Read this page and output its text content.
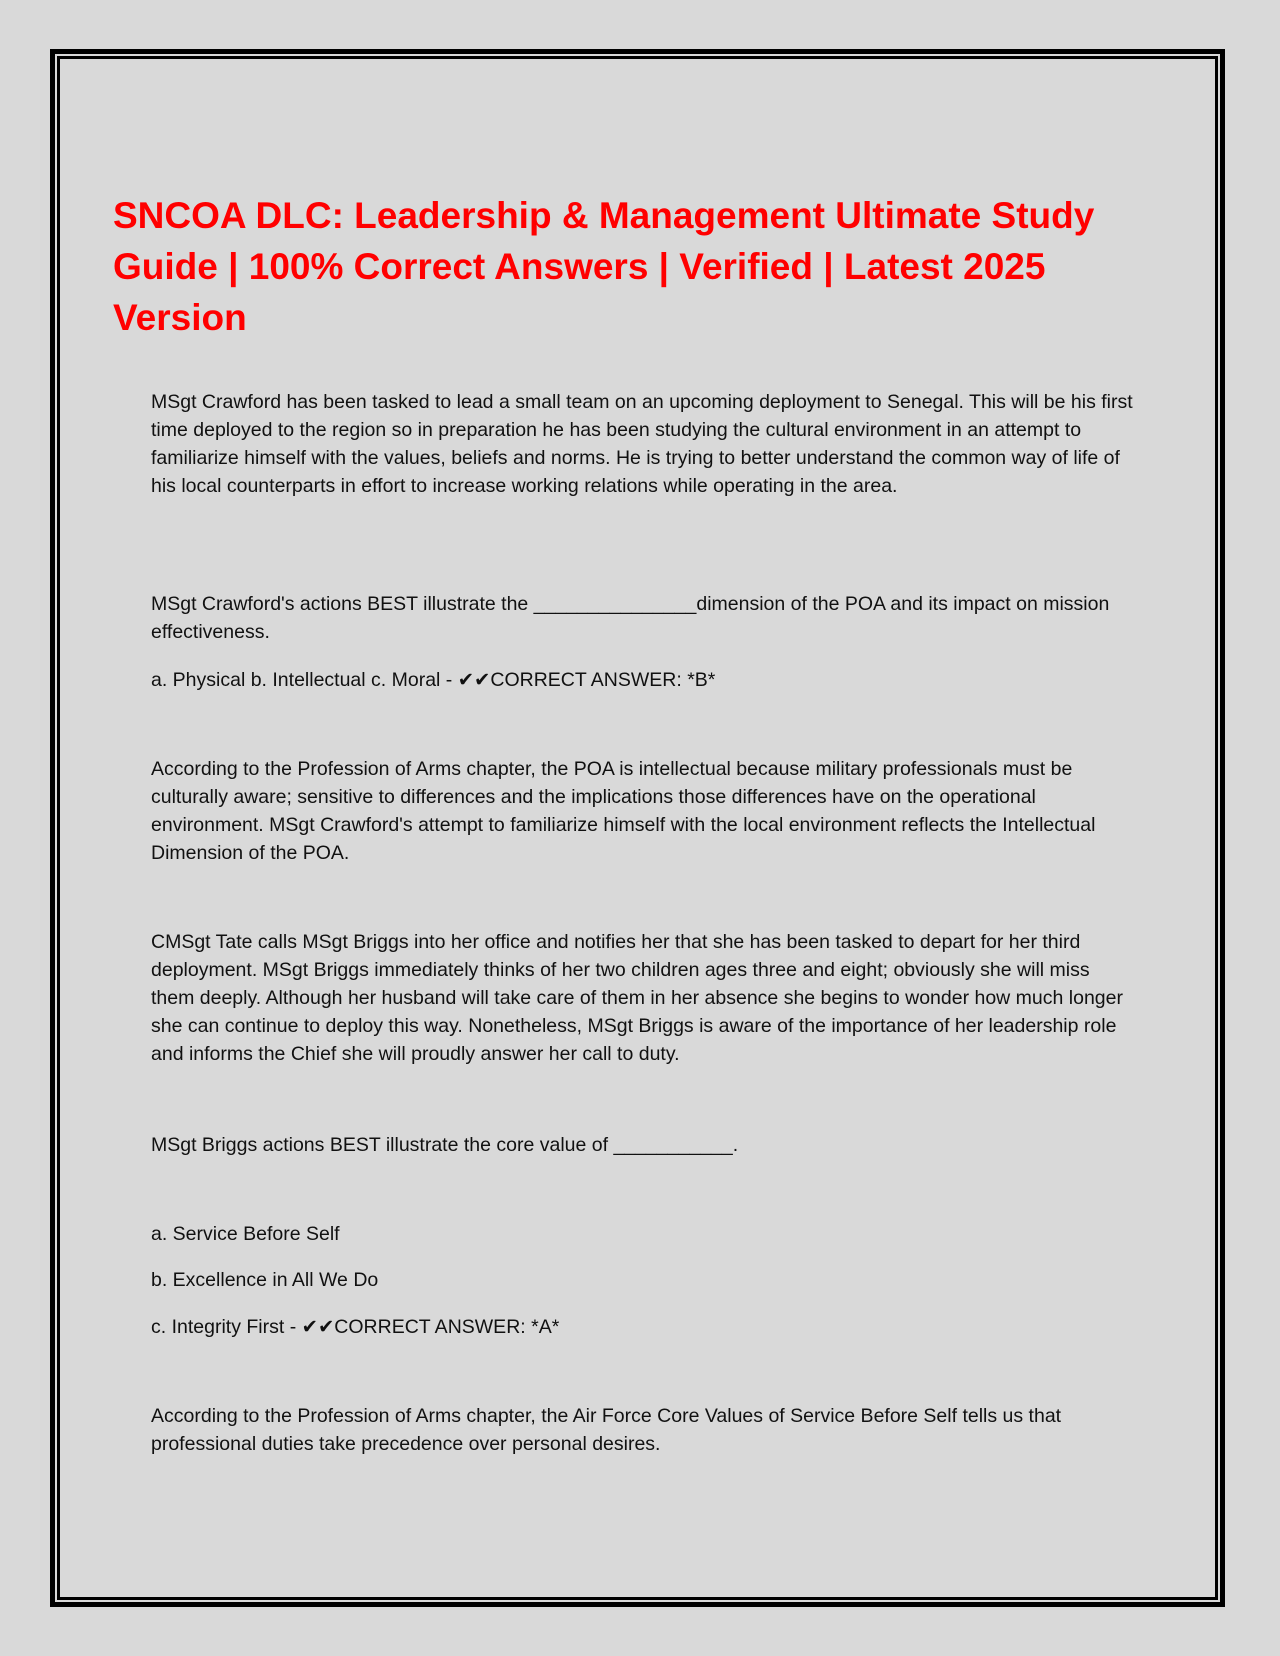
SNCOA DLC: Leadership & Management Ultimate Study Guide | 100% Correct Answers | Verified | Latest 2025 Version

MSgt Crawford has been tasked to lead a small team on an upcoming deployment to Senegal. This will be his first time deployed to the region so in preparation he has been studying the cultural environment in an attempt to familiarize himself with the values, beliefs and norms. He is trying to better understand the common way of life of his local counterparts in effort to increase working relations while operating in the area.

MSgt Crawford's actions BEST illustrate the _______________dimension of the POA and its impact on mission effectiveness.

a. Physical b. Intellectual c. Moral - ✔✔CORRECT ANSWER: *B*

According to the Profession of Arms chapter, the POA is intellectual because military professionals must be culturally aware; sensitive to differences and the implications those differences have on the operational environment. MSgt Crawford's attempt to familiarize himself with the local environment reflects the Intellectual Dimension of the POA.

CMSgt Tate calls MSgt Briggs into her office and notifies her that she has been tasked to depart for her third deployment. MSgt Briggs immediately thinks of her two children ages three and eight; obviously she will miss them deeply. Although her husband will take care of them in her absence she begins to wonder how much longer she can continue to deploy this way. Nonetheless, MSgt Briggs is aware of the importance of her leadership role and informs the Chief she will proudly answer her call to duty.

MSgt Briggs actions BEST illustrate the core value of ___________.

a. Service Before Self

b. Excellence in All We Do

c. Integrity First - ✔✔CORRECT ANSWER: *A*

According to the Profession of Arms chapter, the Air Force Core Values of Service Before Self tells us that professional duties take precedence over personal desires.
